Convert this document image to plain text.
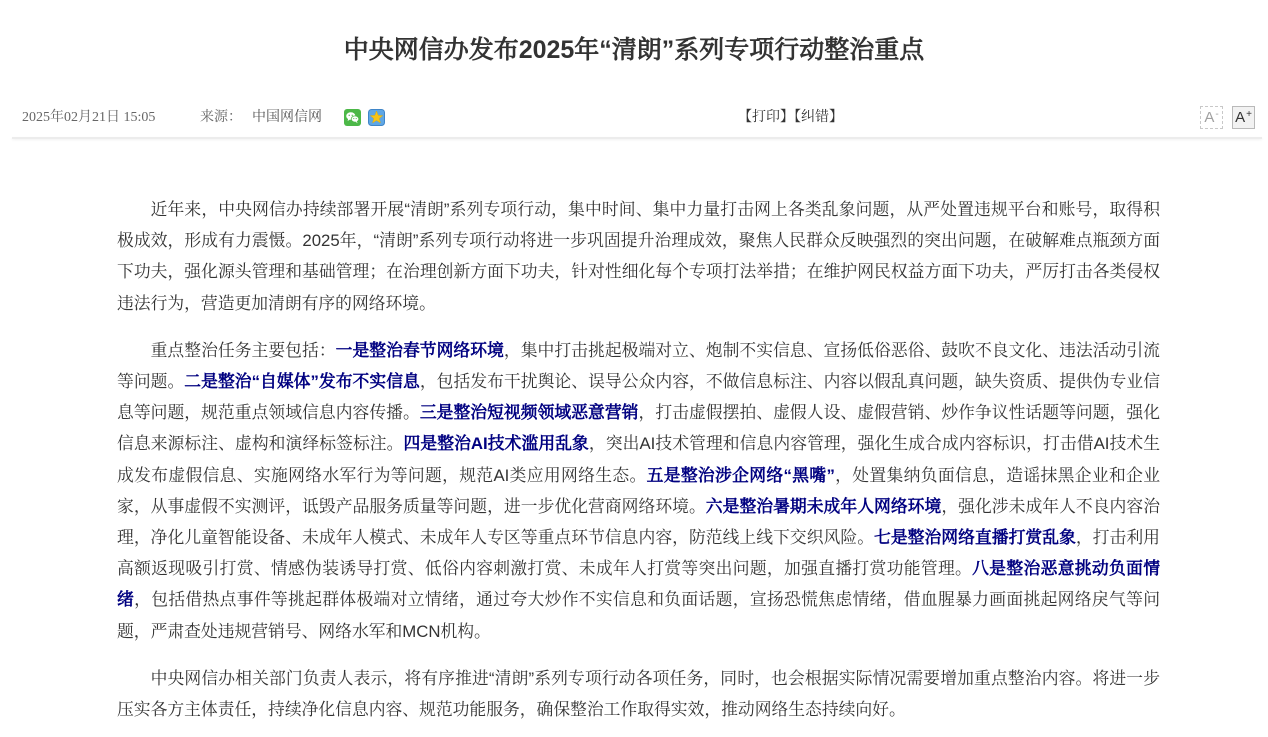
中央网信办发布2025年“清朗”系列专项行动整治重点
2025年02月21日 15:05	来源： 中国网信网	【打印】【纠错】	A- A+

近年来，中央网信办持续部署开展“清朗”系列专项行动，集中时间、集中力量打击网上各类乱象问题，从严处置违规平台和账号，取得积极成效，形成有力震慑。2025年，“清朗”系列专项行动将进一步巩固提升治理成效，聚焦人民群众反映强烈的突出问题，在破解难点瓶颈方面下功夫，强化源头管理和基础管理；在治理创新方面下功夫，针对性细化每个专项打法举措；在维护网民权益方面下功夫，严厉打击各类侵权违法行为，营造更加清朗有序的网络环境。

重点整治任务主要包括：一是整治春节网络环境，集中打击挑起极端对立、炮制不实信息、宣扬低俗恶俗、鼓吹不良文化、违法活动引流等问题。二是整治“自媒体”发布不实信息，包括发布干扰舆论、误导公众内容，不做信息标注、内容以假乱真问题，缺失资质、提供伪专业信息等问题，规范重点领域信息内容传播。三是整治短视频领域恶意营销，打击虚假摆拍、虚假人设、虚假营销、炒作争议性话题等问题，强化信息来源标注、虚构和演绎标签标注。四是整治AI技术滥用乱象，突出AI技术管理和信息内容管理，强化生成合成内容标识，打击借AI技术生成发布虚假信息、实施网络水军行为等问题，规范AI类应用网络生态。五是整治涉企网络“黑嘴”，处置集纳负面信息，造谣抹黑企业和企业家，从事虚假不实测评，诋毁产品服务质量等问题，进一步优化营商网络环境。六是整治暑期未成年人网络环境，强化涉未成年人不良内容治理，净化儿童智能设备、未成年人模式、未成年人专区等重点环节信息内容，防范线上线下交织风险。七是整治网络直播打赏乱象，打击利用高额返现吸引打赏、情感伪装诱导打赏、低俗内容刺激打赏、未成年人打赏等突出问题，加强直播打赏功能管理。八是整治恶意挑动负面情绪，包括借热点事件等挑起群体极端对立情绪，通过夸大炒作不实信息和负面话题，宣扬恐慌焦虑情绪，借血腥暴力画面挑起网络戾气等问题，严肃查处违规营销号、网络水军和MCN机构。

中央网信办相关部门负责人表示，将有序推进“清朗”系列专项行动各项任务，同时，也会根据实际情况需要增加重点整治内容。将进一步压实各方主体责任，持续净化信息内容、规范功能服务，确保整治工作取得实效，推动网络生态持续向好。
